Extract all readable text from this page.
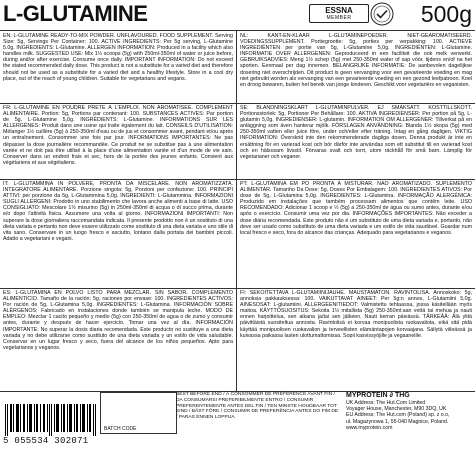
L-GLUTAMINE	ESSNA
MEMBER	500g
EN: L-GLUTAMINE READY-TO-MIX POWDER. UNFLAVOURED. FOOD SUPPLEMENT. Serving Size: 5g, Servings Per Container: 100. ACTIVE INGREDIENTS: Per 5g serving, L-Glutamine 5.0g. INGREDIENTS: L-Glutamine. ALLERGEN INFORMATION: Produced in a facility which also handles milk. SUGGESTED USE: Mix 1½ scoops (5g) with 250ml-350ml of water or juice before, during and/or after exercise. Consume once daily. IMPORTANT INFORMATION: Do not exceed the stated recommended daily dose. This product is not a substitute for a varied diet and therefore should not be used as a substitute for a varied diet and a healthy lifestyle. Store in a cool dry place, out of the reach of young children. Suitable for vegetarians and vegans.
NL: KANT-EN-KLAAR L-GLUTAMINEPOEDER. NIET-GEAROMATISEERD. VOEDINGSSUPPLEMENT. Portiegrootte: 5g, porties per verpakking: 100. ACTIEVE INGREDIËNTEN per portie van 5g, L-Glutamine 5,0g. INGREDIËNTEN: L-Glutamine. INFORMATIE OVER ALLERGENEN: Geproduceerd in een faciliteit die ook melk verwerkt. GEBRUIKSADVIES: Meng 1½ schep (5g) met 250-350ml water of sap vóór, tijdens en/of na het sporten. Eenmaal per dag innemen. BELANGRIJKE INFORMATIE: De aanbevolen dagelijkse dosering niet overschrijden. Dit product is geen vervanging voor een gevarieerde voeding en mag niet gebruikt worden als vervanging van een gevarieerde voeding en een gezond leefpatroon. Koel en droog bewaren, buiten het bereik van jonge kinderen. Geschikt voor vegetariërs en veganisten.
FR: L-GLUTAMINE EN POUDRE PRÊTE À L'EMPLOI. NON AROMATISÉE. COMPLÉMENT ALIMENTAIRE. Portion: 5g, Portions par contenant: 100. SUBSTANCES ACTIVES: Par portion de 5g, L-Glutamine 5,0g. INGRÉDIENTS: L-Glutamine. INFORMATIONS SUR LES ALLERGÈNES: Produit dans une usine qui traite également du lait. CONSEILS D'UTILISATION: Mélanger 1½ cuillère (5g) à 250-350ml d'eau ou de jus et consommer avant, pendant et/ou après un entraînement. Consommer une fois par jour. INFORMATIONS IMPORTANTES: Ne pas dépasser la dose journalière recommandée. Ce produit ne se substitue pas à une alimentation variée et ne doit pas être utilisé à la place d'une alimentation variée et d'un mode de vie sain. Conserver dans un endroit frais et sec, hors de la portée des jeunes enfants. Convient aux végétariens et aux végétaliens.
SE: BLANDNINGSKLART L-GLUTAMINPULVER. EJ SMAKSATT. KOSTTILLSKOTT. Portionsstorlek: 5g, Portioner Per Behållare: 100. AKTIVA INGREDIENSER: Per portion på 5g, L-glutamin 5,0g. INGREDIENSER: L-glutamin. INFORMATION OM ALLERGENER: Tillverkat på en anläggning som även hanterar mjölk. FÖRSLAGEN ANVÄNDNING: Blanda 1½ skopa (5g) med 250-350ml vatten eller juice före, under och/eller efter träning. Intag en gång dagligen. VIKTIG INFORMATION: Överskrid inte den rekommenderade dagliga dosen. Denna produkt är inte en ersättning för en varierad kost och bör därför inte användas som ett substitut till en varierad kost och en hälsosam livsstil. Förvaras svalt och torrt, utom räckhåll för små barn. Lämplig för vegetarianer och veganer.
IT: L-GLUTAMMINA IN POLVERE, PRONTA DA MISCELARE. NON AROMATIZZATA. INTEGRATORE ALIMENTARE. Porzione singola: 5g, Porzioni per confezione: 100. PRINCIPI ATTIVI: per porzione da 5g, L-Glutammina 5,0g. INGREDIENTI: L-Glutammina. INFORMAZIONI SUGLI ALLERGENI: Prodotto in uno stabilimento che lavora anche alimenti a base di latte. USO CONSIGLIATO: Mescolare 1½ misurino (5g) in 250ml-350ml di acqua o di succo prima, durante e/o dopo l'attività fisica. Assumere una volta al giorno. INFORMAZIONI IMPORTANTI: Non superare la dose giornaliera raccomandata indicata. Il presente prodotto non è un sostituto di una dieta variata e pertanto non deve essere utilizzato come sostituto di una dieta variata e uno stile di vita sano. Conservare in un luogo fresco e asciutto, lontano dalla portata dei bambini piccoli. Adatto a vegetariani e vegani.
PT: L-GLUTAMINA EM PÓ PRONTA A MISTURAR. NÃO AROMATIZADO. SUPLEMENTO ALIMENTAR. Tamanho Da Dose: 5g, Doses Por Embalagem: 100. INGREDIENTES ATIVOS: Por dose de 5g, L-Glutamina 5,0g. INGREDIENTES: L-Glutamina. INFORMAÇÃO ALERGÉNICA: Produzido em instalações que também processam alimentos que contêm leite. USO RECOMENDADO: Adicionar 1 scoop e ½ (5g) a 250-350ml de água ou sumo antes, durante e/ou após o exercício. Consumir uma vez por dia. INFORMAÇÕES IMPORTANTES: Não exceder a dose diária recomendada. Este produto não é um substituto de uma dieta variada e, portanto, não deve ser usado como substituto de uma dieta variada e um estilo de vida saudável. Guardar num local fresco e seco, fora do alcance das crianças. Adequado para vegetarianos e veganos.
ES: L-GLUTAMINA EN POLVO LISTO PARA MEZCLAR. SIN SABOR. COMPLEMENTO ALIMENTICIO. Tamaño de la ración: 5g, raciones por envase: 100. INGREDIENTES ACTIVOS: Por ración de 5g, L-Glutamina 5,0g. INGREDIENTES: L-Glutamina. INFORMACIÓN SOBRE ALÉRGENOS: Fabricado en instalaciones donde también se manipula leche. MODO DE EMPLEO: Mezclar 1 cacito pequeño y medio (5g) con 250-350ml de agua o de zumo y consumir antes, durante y después de hacer ejercicio. Tomar una vez al día. INFORMACIÓN IMPORTANTE: No superar la dosis diaria recomendada. Este producto no sustituye a una dieta variada y no debe utilizarse como sustituto de una dieta variada y un estilo de vida saludable. Conservar en un lugar fresco y seco, fuera del alcance de los niños pequeños. Apto para vegetarianos y veganos.
FI: SEKOITETTAVA L-GLUTAMIINIJAUHE. MAUSTAMATON. RAVINTOLISÄ. Annoskoko: 5g, annoksia pakkauksessa: 100. VAIKUTTAVAT AINEET: Per 5g:n annos, L-Glutamiini 5,0g. AINESOSAT: L-glutamiini. ALLERGEENITIEDOT: Valmistettu tehtaassa, jossa käsitellään myös maitoa. KÄYTTÖSUOSITUS: Sekoita 1½ mitallista (5g) 250-350ml:aan vettä tai mehua ja nauti ennen harjoittelua, sen aikana ja/tai sen jälkeen. Nauti kerran päivässä. TÄRKEÄÄ: Älä ylitä päivittäistä suositeltua annosta. Ravintolisä ei korvaa monipuolista ruokavaliota, eikä sitä pidä käyttää monipuolisen ruokavalion ja terveellisten elämäntapojen korvaajana. Säilytä viileässä ja kuivassa paikassa lasten ulottumattomissa. Sopii kasvissyöjille ja vegaaneille.
5 055534 302071
BATCH CODE
BEST BEFORE END / À CONSOMMER DE PRÉFÉRENCE AVANT FIN / DA CONSUMARSI PREFERIBILMENTE ENTRO / CONSUMIR PREFERENTEMENTE ANTES DEL FIN / TEN MINSTE HOUDBAAR TOT EIND / BÄST FÖRE / CONSUMIR DE PREFERÊNCIA ANTES DO FIM DE / PARAS ENNEN LOPPUA
MYPROTEIN ∂ THG
UK Address: The Hut.Com Limited
Voyager House, Manchester, M90 3DQ, UK
EU Address: The Hut.com (Poland) sp. z o.o,
ul. Magazynowa 1, 55-040 Magnice, Poland.
www.myprotein.com
